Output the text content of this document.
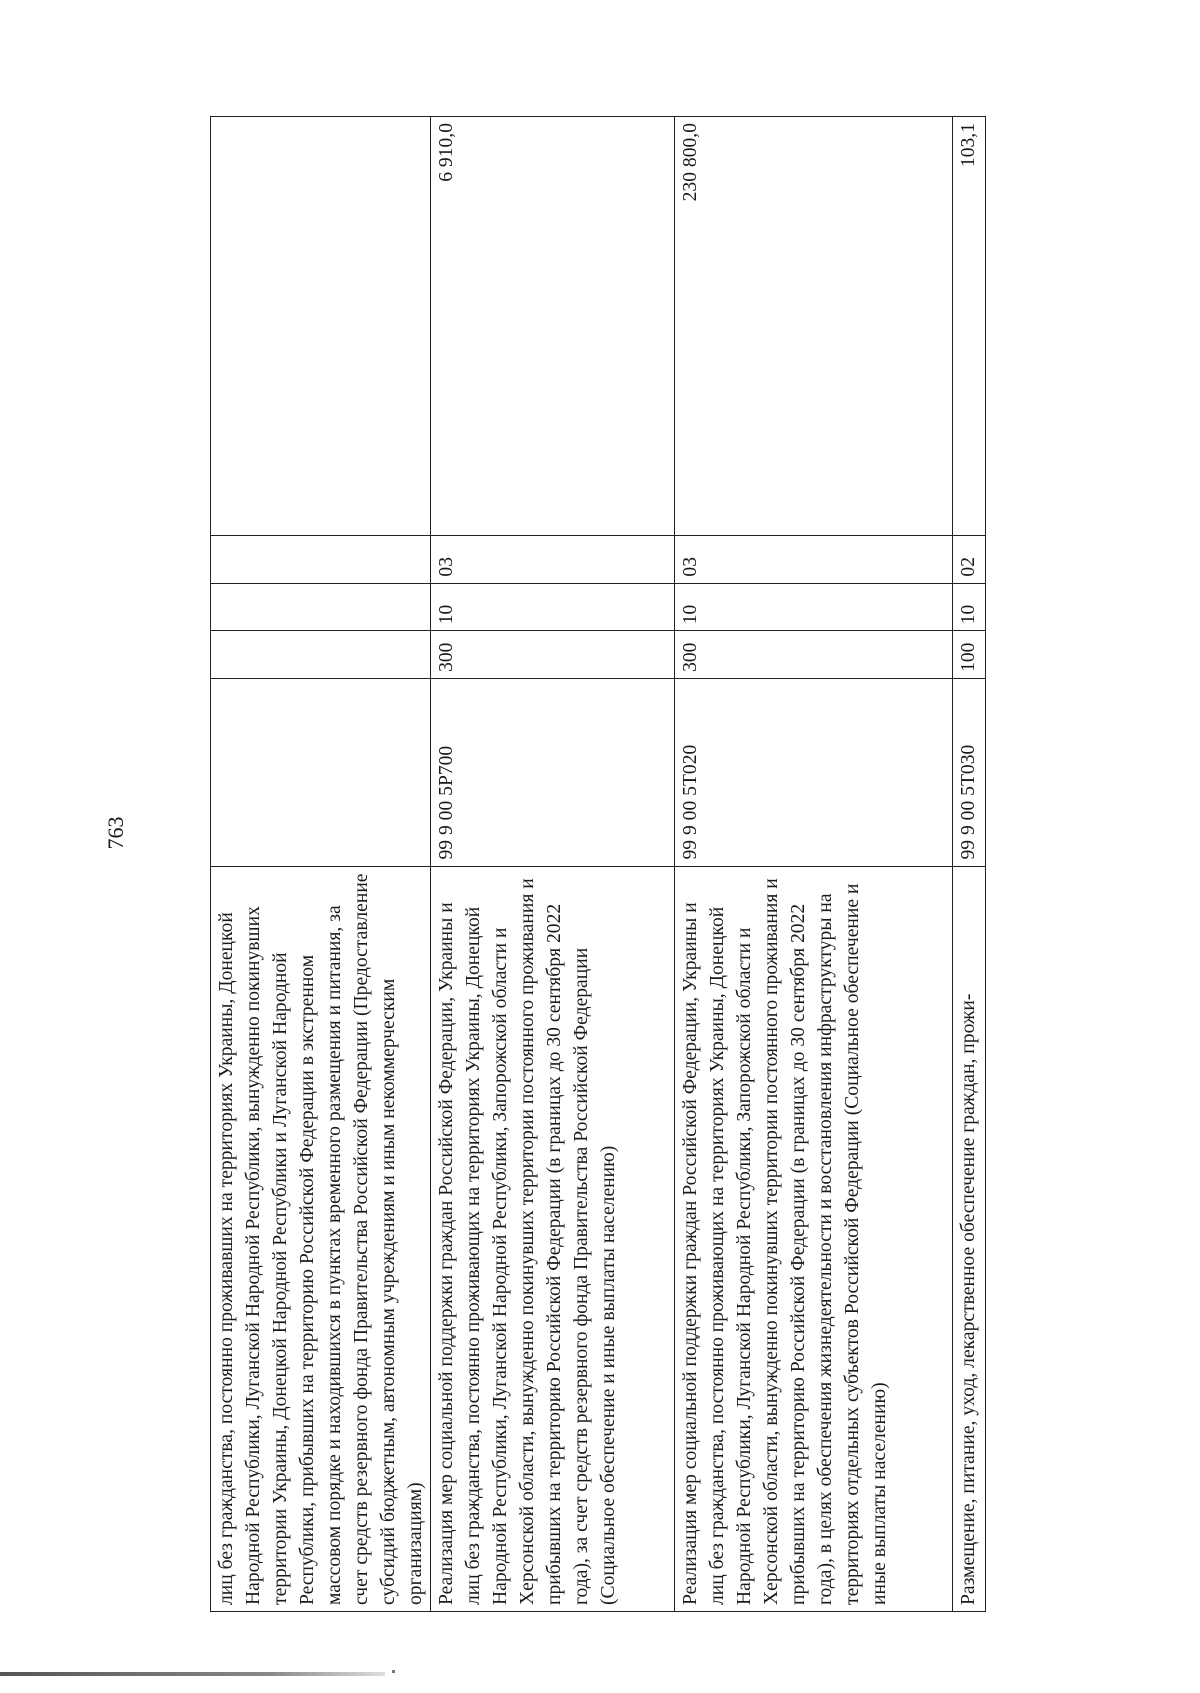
763
лиц без гражданства, постоянно проживавших на территориях Украины, Донецкой Народной Республики, Луганской Народной Республики, вынужденно покинувших территории Украины, Донецкой Народной Республики и Луганской Народной Республики, прибывших на территорию Российской Федерации в экстренном массовом порядке и находившихся в пунктах временного размещения и питания, за счет средств резервного фонда Правительства Российской Федерации (Предоставление субсидий бюджетным, автономным учреждениям и иным некоммерческим организациям)					
Реализация мер социальной поддержки граждан Российской Федерации, Украины и лиц без гражданства, постоянно проживающих на территориях Украины, Донецкой Народной Республики, Луганской Народной Республики, Запорожской области и Херсонской области, вынужденно покинувших территории постоянного проживания и прибывших на территорию Российской Федерации (в границах до 30 сентября 2022 года), за счет средств резервного фонда Правительства Российской Федерации (Социальное обеспечение и иные выплаты населению)	99 9 00 5P700	300	10	03	6 910,0
Реализация мер социальной поддержки граждан Российской Федерации, Украины и лиц без гражданства, постоянно проживающих на территориях Украины, Донецкой Народной Республики, Луганской Народной Республики, Запорожской области и Херсонской области, вынужденно покинувших территории постоянного проживания и прибывших на территорию Российской Федерации (в границах до 30 сентября 2022 года), в целях обеспечения жизнедеятельности и восстановления инфраструктуры на территориях отдельных субъектов Российской Федерации (Социальное обеспечение и иные выплаты населению)	99 9 00 5T020	300	10	03	230 800,0
Размещение, питание, уход, лекарственное обеспечение граждан, прожи-	99 9 00 5T030	100	10	02	103,1
